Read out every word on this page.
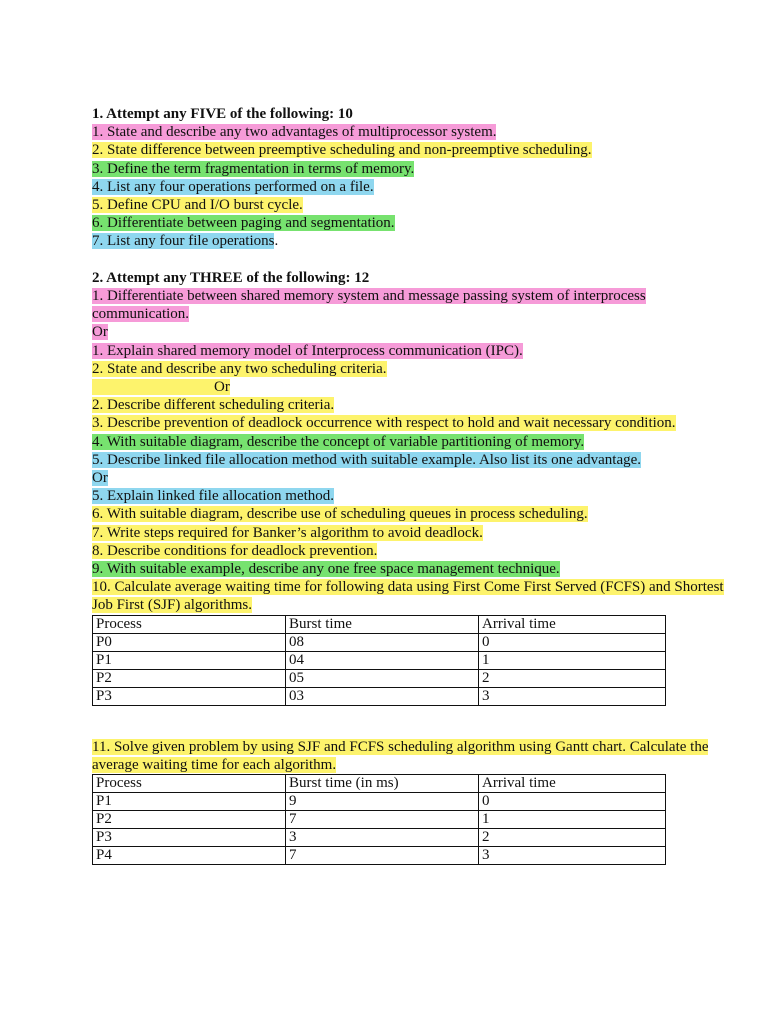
1. Attempt any FIVE of the following: 10
1. State and describe any two advantages of multiprocessor system.
2. State difference between preemptive scheduling and non-preemptive scheduling.
3. Define the term fragmentation in terms of memory.
4. List any four operations performed on a file.
5. Define CPU and I/O burst cycle.
6. Differentiate between paging and segmentation.
7. List any four file operations.
2. Attempt any THREE of the following: 12
1. Differentiate between shared memory system and message passing system of interprocess communication.
Or
1. Explain shared memory model of Interprocess communication (IPC).
2. State and describe any two scheduling criteria.
Or
2. Describe different scheduling criteria.
3. Describe prevention of deadlock occurrence with respect to hold and wait necessary condition.
4. With suitable diagram, describe the concept of variable partitioning of memory.
5. Describe linked file allocation method with suitable example. Also list its one advantage.
Or
5. Explain linked file allocation method.
6. With suitable diagram, describe use of scheduling queues in process scheduling.
7. Write steps required for Banker’s algorithm to avoid deadlock.
8. Describe conditions for deadlock prevention.
9. With suitable example, describe any one free space management technique.
10. Calculate average waiting time for following data using First Come First Served (FCFS) and Shortest Job First (SJF) algorithms.
Process	Burst time	Arrival time
P0	08	0
P1	04	1
P2	05	2
P3	03	3
11. Solve given problem by using SJF and FCFS scheduling algorithm using Gantt chart. Calculate the average waiting time for each algorithm.
Process	Burst time (in ms)	Arrival time
P1	9	0
P2	7	1
P3	3	2
P4	7	3
